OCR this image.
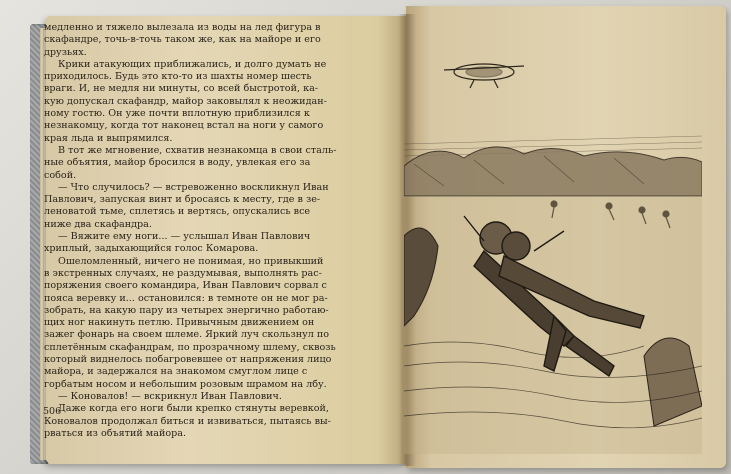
медленно и тяжело вылезала из воды на лед фигура в

скафандре, точь-в-точь таком же, как на майоре и его

друзьях.

Крики атакующих приближались, и долго думать не

приходилось. Будь это кто-то из шахты номер шесть

враги. И, не медля ни минуты, со всей быстротой, ка-

кую допускал скафандр, майор заковылял к неожидан-

ному гостю. Он уже почти вплотную приблизился к

незнакомцу, когда тот наконец встал на ноги у самого

края льда и выпрямился.

В тот же мгновение, схватив незнакомца в свои сталь-

ные объятия, майор бросился в воду, увлекая его за

собой.

— Что случилось? — встревоженно воскликнул Иван

Павлович, запуская винт и бросаясь к месту, где в зе-

леноватой тьме, сплетясь и вертясь, опускались все

ниже два скафандра.

— Вяжите ему ноги... — услышал Иван Павлович

хриплый, задыхающийся голос Комарова.

Ошеломленный, ничего не понимая, но привыкший

в экстренных случаях, не раздумывая, выполнять рас-

поряжения своего командира, Иван Павлович сорвал с

пояса веревку и... остановился: в темноте он не мог ра-

зобрать, на какую пару из четырех энергично работаю-

щих ног накинуть петлю. Привычным движением он

зажег фонарь на своем шлеме. Яркий луч скользнул по

сплетённым скафандрам, по прозрачному шлему, сквозь

который виднелось побагровевшее от напряжения лицо

майора, и задержался на знакомом смуглом лице с

горбатым носом и небольшим розовым шрамом на лбу.

— Коновалов! — вскрикнул Иван Павлович.

Даже когда его ноги были крепко стянуты веревкой,

Коновалов продолжал биться и извиваться, пытаясь вы-

рваться из объятий майора.

506
